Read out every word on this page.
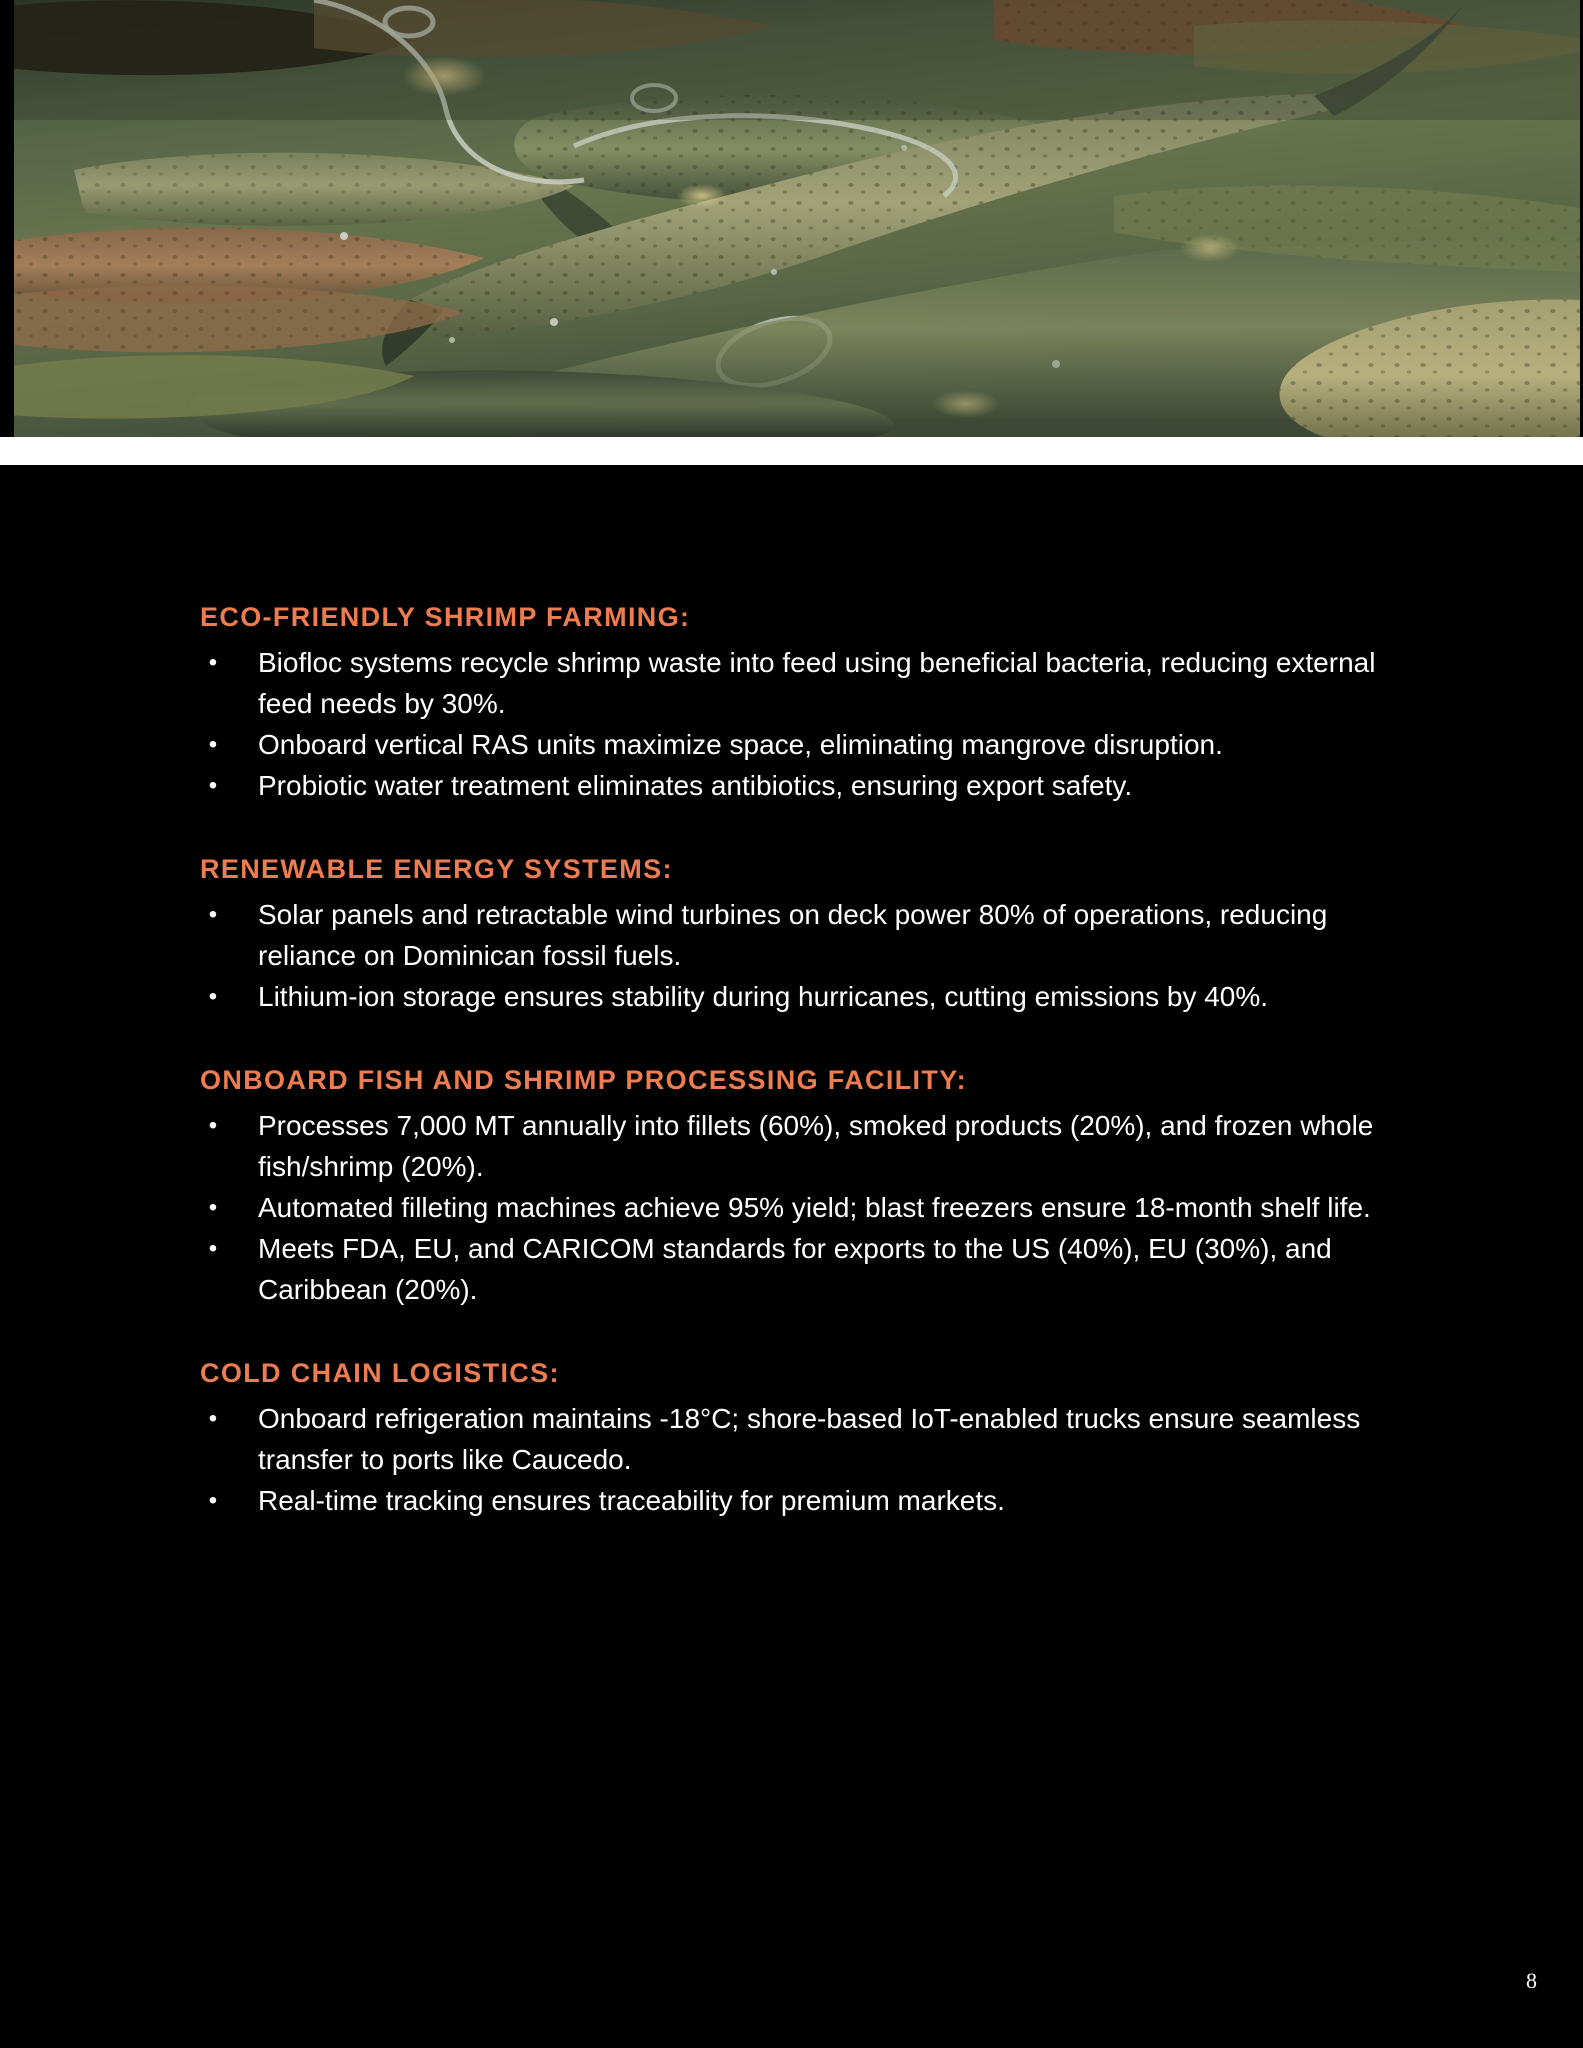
ECO-FRIENDLY SHRIMP FARMING:
• Biofloc systems recycle shrimp waste into feed using beneficial bacteria, reducing external feed needs by 30%.
• Onboard vertical RAS units maximize space, eliminating mangrove disruption.
• Probiotic water treatment eliminates antibiotics, ensuring export safety.
RENEWABLE ENERGY SYSTEMS:
• Solar panels and retractable wind turbines on deck power 80% of operations, reducing reliance on Dominican fossil fuels.
• Lithium-ion storage ensures stability during hurricanes, cutting emissions by 40%.
ONBOARD FISH AND SHRIMP PROCESSING FACILITY:
• Processes 7,000 MT annually into fillets (60%), smoked products (20%), and frozen whole fish/shrimp (20%).
• Automated filleting machines achieve 95% yield; blast freezers ensure 18-month shelf life.
• Meets FDA, EU, and CARICOM standards for exports to the US (40%), EU (30%), and Caribbean (20%).
COLD CHAIN LOGISTICS:
• Onboard refrigeration maintains -18°C; shore-based IoT-enabled trucks ensure seamless transfer to ports like Caucedo.
• Real-time tracking ensures traceability for premium markets.
8
